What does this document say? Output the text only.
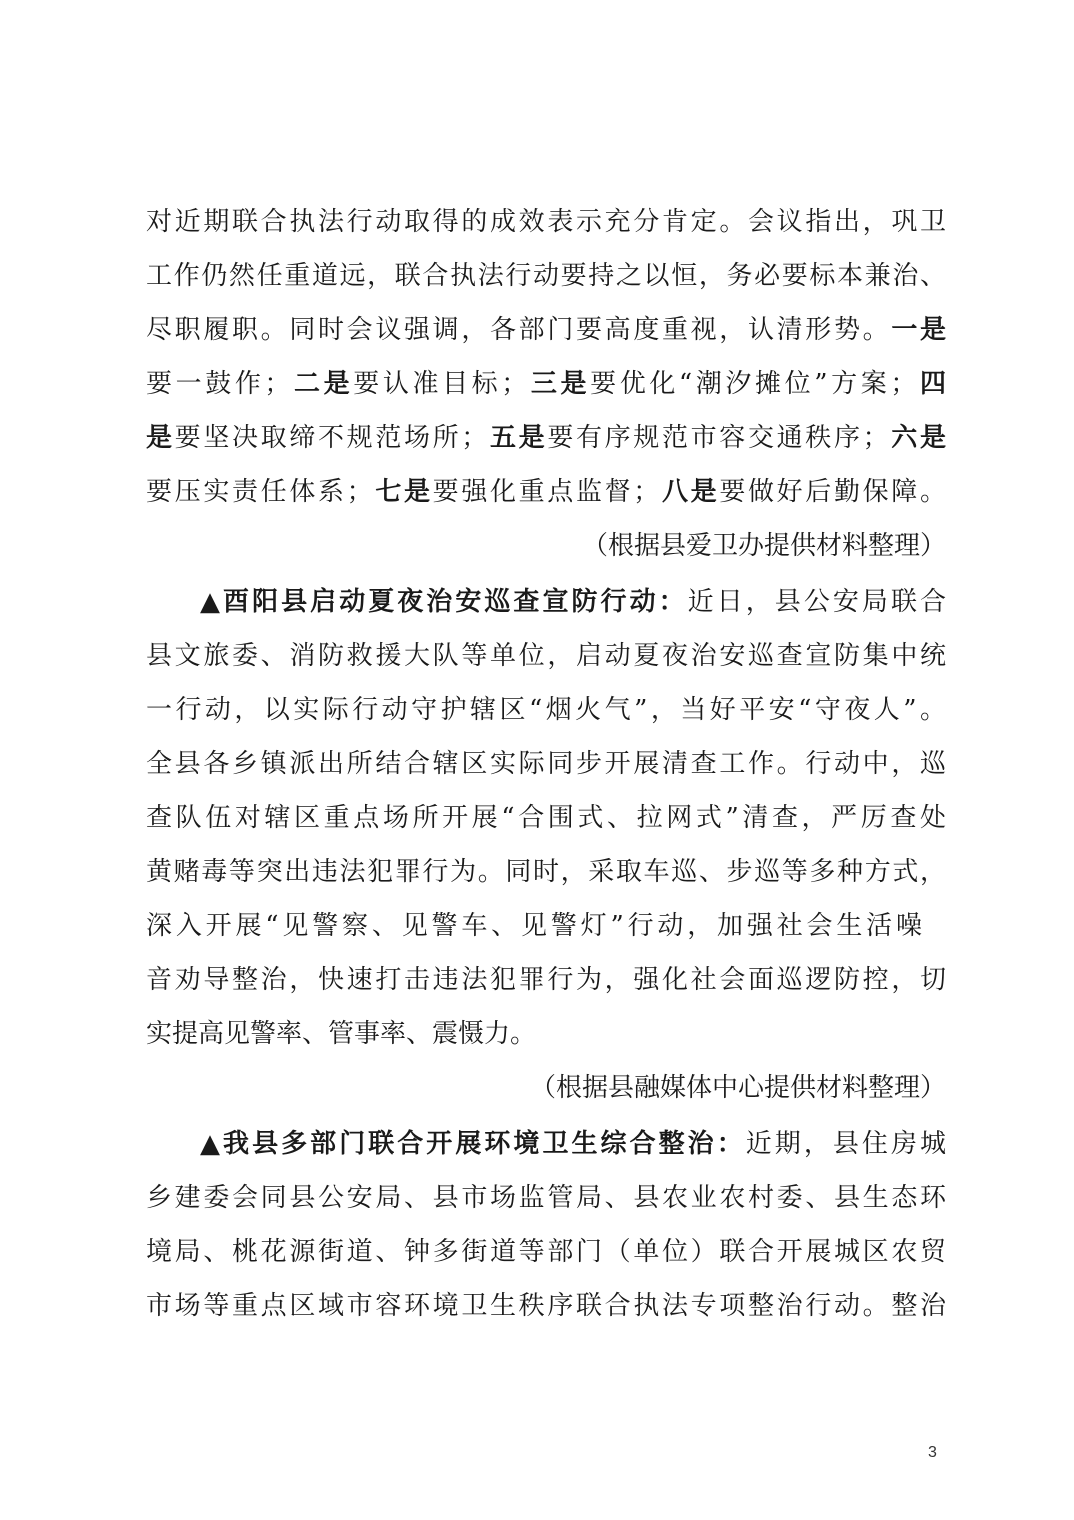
对近期联合执法行动取得的成效表示充分肯定。会议指出，巩卫
工作仍然任重道远，联合执法行动要持之以恒，务必要标本兼治、
尽职履职。同时会议强调，各部门要高度重视，认清形势。一是
要一鼓作；二是要认准目标；三是要优化“潮汐摊位”方案；四
是要坚决取缔不规范场所；五是要有序规范市容交通秩序；六是
要压实责任体系；七是要强化重点监督；八是要做好后勤保障。
（根据县爱卫办提供材料整理）
▲酉阳县启动夏夜治安巡查宣防行动：近日，县公安局联合
县文旅委、消防救援大队等单位，启动夏夜治安巡查宣防集中统
一行动，以实际行动守护辖区“烟火气”，当好平安“守夜人”。
全县各乡镇派出所结合辖区实际同步开展清查工作。行动中，巡
查队伍对辖区重点场所开展“合围式、拉网式”清查，严厉查处
黄赌毒等突出违法犯罪行为。同时，采取车巡、步巡等多种方式，
深入开展“见警察、见警车、见警灯”行动，加强社会生活噪
音劝导整治，快速打击违法犯罪行为，强化社会面巡逻防控，切
实提高见警率、管事率、震慑力。
（根据县融媒体中心提供材料整理）
▲我县多部门联合开展环境卫生综合整治：近期，县住房城
乡建委会同县公安局、县市场监管局、县农业农村委、县生态环
境局、桃花源街道、钟多街道等部门（单位）联合开展城区农贸
市场等重点区域市容环境卫生秩序联合执法专项整治行动。整治
3
